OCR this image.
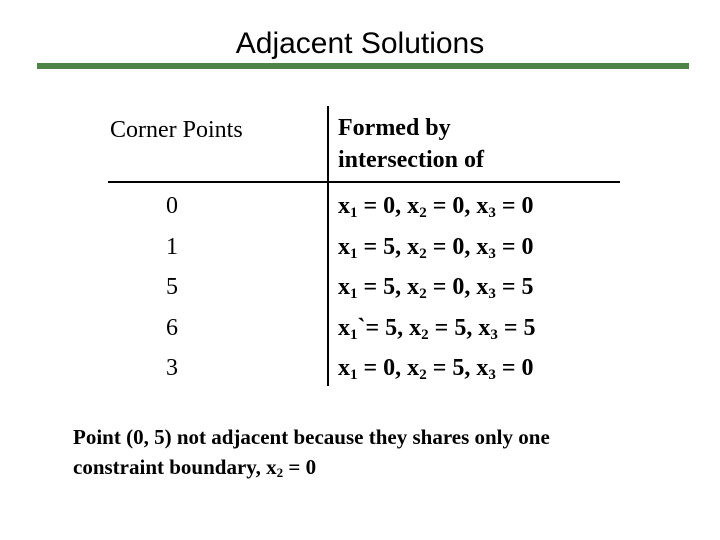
Adjacent Solutions
Corner Points	Formed by
intersection of
0	$x_1 = 0$, $x_2 = 0$, $x_3 = 0$
1	$x_1 = 5$, $x_2 = 0$, $x_3 = 0$
5	$x_1 = 5$, $x_2 = 0$, $x_3 = 5$
6	$x_1`= 5$, $x_2 = 5$, $x_3 = 5$
3	$x_1 = 0$, $x_2 = 5$, $x_3 = 0$
Point (0, 5) not adjacent because they shares only one
constraint boundary, $x_2 = 0$
